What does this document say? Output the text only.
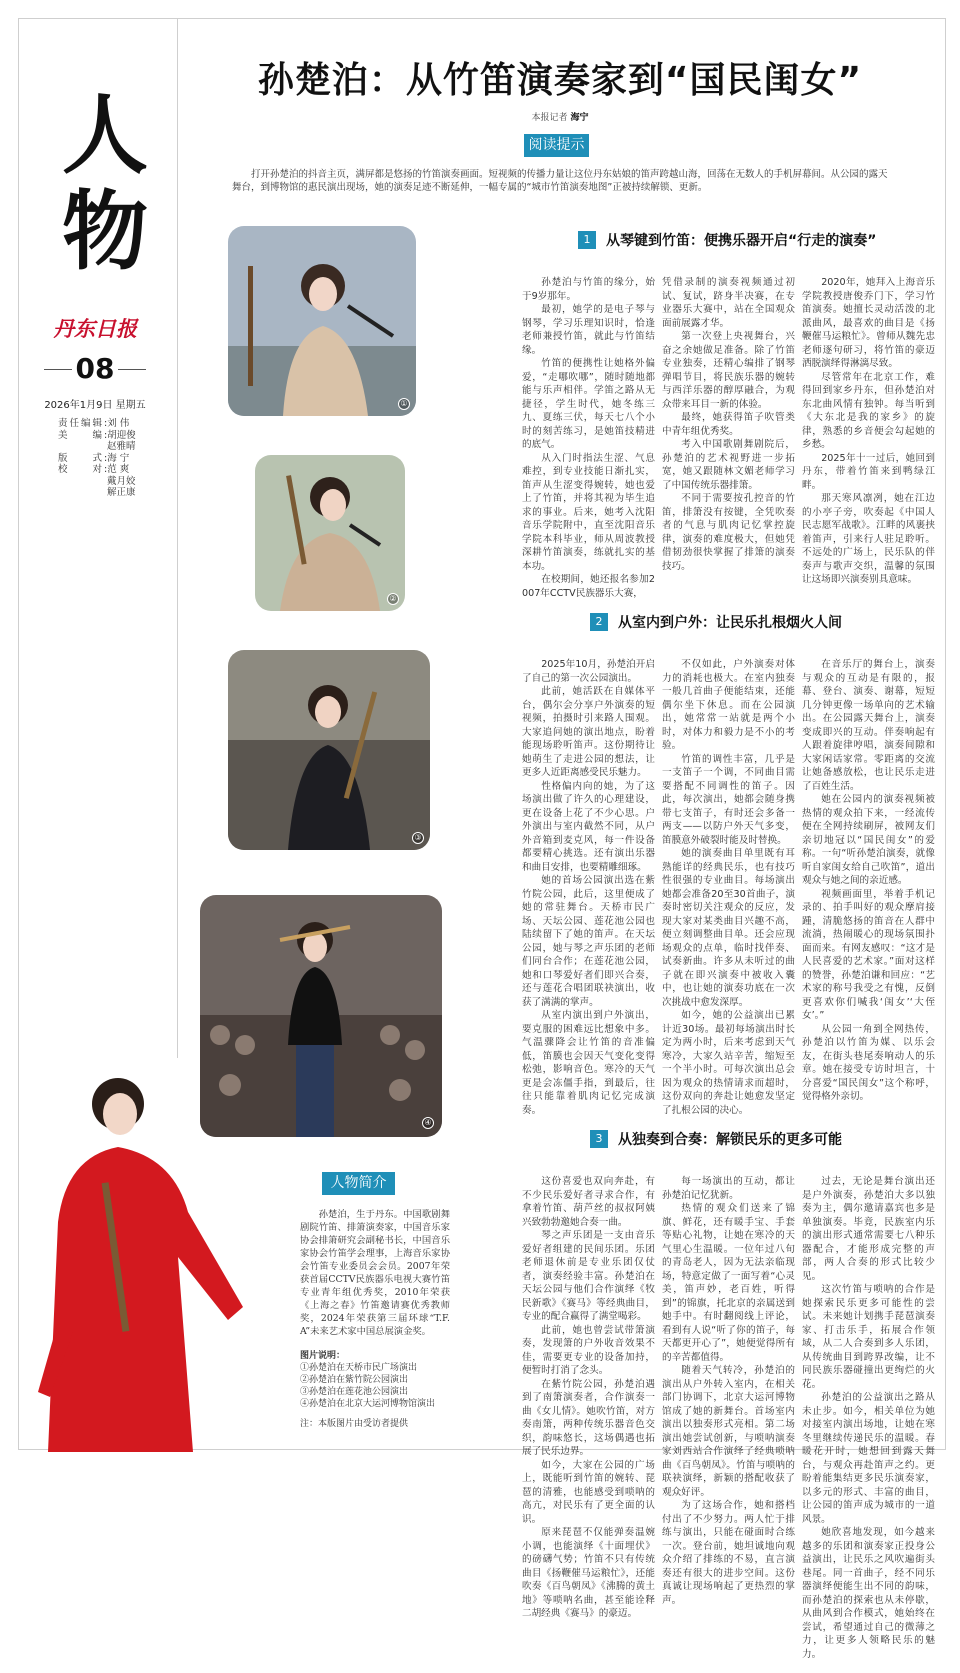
人物
丹东日报
08
2026年1月9日 星期五
责任编辑 : 刘 伟
美编 : 胡迎俊

赵雅晴
版式 : 海 宁
校对 : 范 爽

戴月姣

解正康
孙楚泊：从竹笛演奏家到“国民闺女”
本报记者 海宁
阅读提示

打开孙楚泊的抖音主页，满屏都是悠扬的竹笛演奏画面。短视频的传播力量让这位丹东姑娘的笛声跨越山海，回荡在无数人的手机屏幕间。从公园的露天舞台，到博物馆的惠民演出现场，她的演奏足迹不断延伸，一幅专属的“城市竹笛演奏地图”正被持续解锁、更新。

1	从琴键到竹笛：便携乐器开启“行走的演奏”

孙楚泊与竹笛的缘分，始于9岁那年。

最初，她学的是电子琴与钢琴，学习乐理知识时，恰逢老师兼授竹笛，就此与竹笛结缘。

竹笛的便携性让她格外偏爱，“走哪吹哪”，随时随地都能与乐声相伴。学笛之路从无捷径，学生时代，她冬练三九、夏练三伏，每天七八个小时的刻苦练习，是她笛技精进的底气。

从入门时指法生涩、气息难控，到专业技能日渐扎实，笛声从生涩变得婉转，她也爱上了竹笛，并将其视为毕生追求的事业。后来，她考入沈阳音乐学院附中，直至沈阳音乐学院本科毕业，师从周波教授深耕竹笛演奏，练就扎实的基本功。

在校期间，她还报名参加2007年CCTV民族器乐大赛，

凭借录制的演奏视频通过初试、复试，跻身半决赛，在专业器乐大赛中，站在全国观众面前展露才华。

第一次登上央视舞台，兴奋之余她做足准备。除了竹笛专业独奏，还精心编排了钢琴弹唱节目，将民族乐器的婉转与西洋乐器的醇厚融合，为观众带来耳目一新的体验。

最终，她获得笛子吹管类中青年组优秀奖。

考入中国歌剧舞剧院后，孙楚泊的艺术视野进一步拓宽，她又跟随林文媚老师学习了中国传统乐器排箫。

不同于需要按孔控音的竹笛，排箫没有按键，全凭吹奏者的气息与肌肉记忆掌控旋律，演奏的难度极大，但她凭借韧劲很快掌握了排箫的演奏技巧。

2020年，她拜入上海音乐学院教授唐俊乔门下，学习竹笛演奏。她擅长灵动活泼的北派曲风，最喜欢的曲目是《扬鞭催马运粮忙》。曾师从魏先忠老师逐句研习，将竹笛的豪迈洒脱演绎得淋漓尽致。

尽管常年在北京工作，难得回到家乡丹东，但孙楚泊对东北曲风情有独钟。每当听到《大东北是我的家乡》的旋律，熟悉的乡音便会勾起她的乡愁。

2025年十一过后，她回到丹东，带着竹笛来到鸭绿江畔。

那天寒风凛冽，她在江边的小亭子旁，吹奏起《中国人民志愿军战歌》。江畔的风裹挟着笛声，引来行人驻足聆听。不远处的广场上，民乐队的伴奏声与歌声交织，温馨的氛围让这场即兴演奏别具意味。

2	从室内到户外：让民乐扎根烟火人间

2025年10月，孙楚泊开启了自己的第一次公园演出。

此前，她活跃在自媒体平台，偶尔会分享户外演奏的短视频，拍摄时引来路人围观。大家追问她的演出地点，盼着能现场聆听笛声。这份期待让她萌生了走进公园的想法，让更多人近距离感受民乐魅力。

性格偏内向的她，为了这场演出做了许久的心理建设，更在设备上花了不少心思。户外演出与室内截然不同，从户外音箱到麦克风，每一件设备都要精心挑选。还有演出乐器和曲目安排，也要精雕细琢。

她的首场公园演出选在紫竹院公园，此后，这里便成了她的常驻舞台。天桥市民广场、天坛公园、莲花池公园也陆续留下了她的笛声。在天坛公园，她与琴之声乐团的老师们同台合作；在莲花池公园，她和口琴爱好者们即兴合奏，还与莲花合唱团联袂演出，收获了满满的掌声。

从室内演出到户外演出，要克服的困难远比想象中多。气温骤降会让竹笛的音准偏低，笛膜也会因天气变化变得松弛，影响音色。寒冷的天气更是会冻僵手指，到最后，往往只能靠着肌肉记忆完成演奏。

不仅如此，户外演奏对体力的消耗也极大。在室内独奏一般几首曲子便能结束，还能偶尔坐下休息。而在公园演出，她常常一站就是两个小时，对体力和毅力是不小的考验。

竹笛的调性丰富，几乎是一支笛子一个调，不同曲目需要搭配不同调性的笛子。因此，每次演出，她都会随身携带七支笛子，有时还会多备一两支——以防户外天气多变，笛膜意外破裂时能及时替换。

她的演奏曲目单里既有耳熟能详的经典民乐，也有技巧性很强的专业曲目。每场演出她都会准备20至30首曲子，演奏时密切关注观众的反应，发现大家对某类曲目兴趣不高，便立刻调整曲目单。还会应现场观众的点单，临时找伴奏、试奏新曲。许多从未听过的曲子就在即兴演奏中被收入囊中，也让她的演奏功底在一次次挑战中愈发深厚。

如今，她的公益演出已累计近30场。最初每场演出时长定为两小时，后来考虑到天气寒冷，大家久站辛苦，缩短至一个半小时。可每次演出总会因为观众的热情请求而超时，这份双向的奔赴让她愈发坚定了扎根公园的决心。

在音乐厅的舞台上，演奏与观众的互动是有限的，报幕、登台、演奏、谢幕，短短几分钟更像一场单向的艺术输出。在公园露天舞台上，演奏变成即兴的互动。伴奏响起有人跟着旋律哼唱，演奏间隙和大家闲话家常。零距离的交流让她备感放松，也让民乐走进了百姓生活。

她在公园内的演奏视频被热情的观众拍下来，一经流传便在全网持续刷屏，被网友们亲切地冠以“国民闺女”的爱称。一句“听孙楚泊演奏，就像听自家闺女给自己吹笛”，道出观众与她之间的亲近感。

视频画面里，举着手机记录的、拍手叫好的观众摩肩接踵，清脆悠扬的笛音在人群中流淌，热闹暖心的现场氛围扑面而来。有网友感叹：“这才是人民喜爱的艺术家。”面对这样的赞誉，孙楚泊谦和回应：“艺术家的称号我受之有愧，反倒更喜欢你们喊我‘闺女’‘大侄女’。”

从公园一角到全网热传，孙楚泊以竹笛为媒、以乐会友，在街头巷尾奏响动人的乐章。她在接受专访时坦言，十分喜爱“国民闺女”这个称呼，觉得格外亲切。

3	从独奏到合奏：解锁民乐的更多可能

这份喜爱也双向奔赴，有不少民乐爱好者寻求合作，有拿着竹笛、葫芦丝的叔叔阿姨兴致勃勃邀她合奏一曲。

琴之声乐团是一支由音乐爱好者组建的民间乐团。乐团老师退休前是专业乐团仅仗者，演奏经验丰富。孙楚泊在天坛公园与他们合作演绎《牧民新歌》《赛马》等经典曲目，专业的配合赢得了满堂喝彩。

此前，她也曾尝试带箫演奏，发现箫的户外收音效果不佳，需要更专业的设备加持，便暂时打消了念头。

在紫竹院公园，孙楚泊遇到了南箫演奏者，合作演奏一曲《女儿情》。她吹竹笛，对方奏南箫，两种传统乐器音色交织，韵味悠长，这场偶遇也拓展了民乐边界。

如今，大家在公园的广场上，既能听到竹笛的婉转、琵琶的清雅，也能感受到唢呐的高亢，对民乐有了更全面的认识。

原来琵琶不仅能弹奏温婉小调，也能演绎《十面埋伏》的磅礴气势；竹笛不只有传统曲目《扬鞭催马运粮忙》，还能吹奏《百鸟朝凤》《沸腾的黄土地》等唢呐名曲，甚至能诠释二胡经典《赛马》的豪迈。

每一场演出的互动，都让孙楚泊记忆犹新。

热情的观众们送来了锦旗、鲜花，还有暖手宝、手套等贴心礼物，让她在寒冷的天气里心生温暖。一位年过八旬的青岛老人，因为无法亲临现场，特意定做了一面写着“心灵美，笛声妙，老百姓，听得到”的锦旗，托北京的亲属送到她手中。有时翻阅线上评论，看到有人说“听了你的笛子，每天都更开心了”，她便觉得所有的辛苦都值得。

随着天气转冷，孙楚泊的演出从户外转入室内，在相关部门协调下，北京大运河博物馆成了她的新舞台。首场室内演出以独奏形式亮相。第二场演出她尝试创新，与唢呐演奏家刘西站合作演绎了经典唢呐曲《百鸟朝凤》。竹笛与唢呐的联袂演绎，新颖的搭配收获了观众好评。

为了这场合作，她和搭档付出了不少努力。两人忙于排练与演出，只能在碰面时合练一次。登台前，她坦诚地向观众介绍了排练的不易，直言演奏还有很大的进步空间。这份真诚让现场响起了更热烈的掌声。

过去，无论是舞台演出还是户外演奏，孙楚泊大多以独奏为主，偶尔邀请嘉宾也多是单独演奏。毕竟，民族室内乐的演出形式通常需要七八种乐器配合，才能形成完整的声部，两人合奏的形式比较少见。

这次竹笛与唢呐的合作是她探索民乐更多可能性的尝试。未来她计划携手琵琶演奏家、打击乐手，拓展合作领域，从二人合奏到多人乐团，从传统曲目到跨界改编，让不同民族乐器碰撞出更绚烂的火花。

孙楚泊的公益演出之路从未止步。如今，相关单位为她对接室内演出场地，让她在寒冬里继续传递民乐的温暖。春暖花开时，她想回到露天舞台，与观众再赴笛声之约。更盼着能集结更多民乐演奏家，以多元的形式、丰富的曲目，让公园的笛声成为城市的一道风景。

她欣喜地发现，如今越来越多的乐团和演奏家正投身公益演出，让民乐之风吹遍街头巷尾。同一首曲子，经不同乐器演绎便能生出不同的韵味，而孙楚泊的探索也从未停歇，从曲风到合作模式，她始终在尝试，希望通过自己的微薄之力，让更多人领略民乐的魅力。

①
②
③
④
人物简介

孙楚泊，生于丹东。中国歌剧舞剧院竹笛、排箫演奏家，中国音乐家协会排箫研究会副秘书长，中国音乐家协会竹笛学会理事，上海音乐家协会竹笛专业委员会会员。2007年荣获首届CCTV民族器乐电视大赛竹笛专业青年组优秀奖，2010年荣获《上海之春》竹笛邀请赛优秀教师奖，2024年荣获第三届环球“T.F.A”未来艺术家中国总展演金奖。

图片说明：
①孙楚泊在天桥市民广场演出
②孙楚泊在紫竹院公园演出
③孙楚泊在莲花池公园演出
④孙楚泊在北京大运河博物馆演出
注：本版图片由受访者提供
